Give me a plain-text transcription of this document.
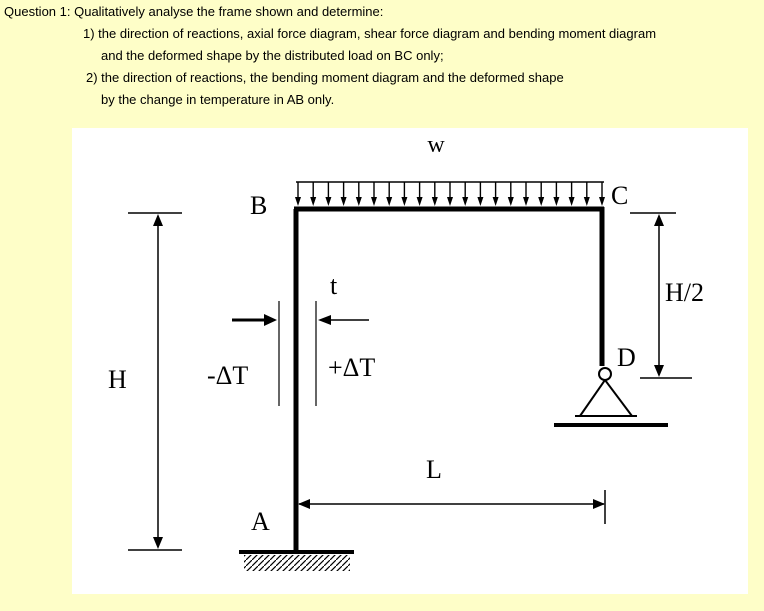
Question 1: Qualitatively analyse the frame shown and determine:
1) the direction of reactions, axial force diagram, shear force diagram and bending moment diagram
and the deformed shape by the distributed load on BC only;
2) the direction of reactions, the bending moment diagram and the deformed shape
by the change in temperature in AB only.
w
B	C
D
A
H
H/2
L
t
-ΔT	+ΔT
